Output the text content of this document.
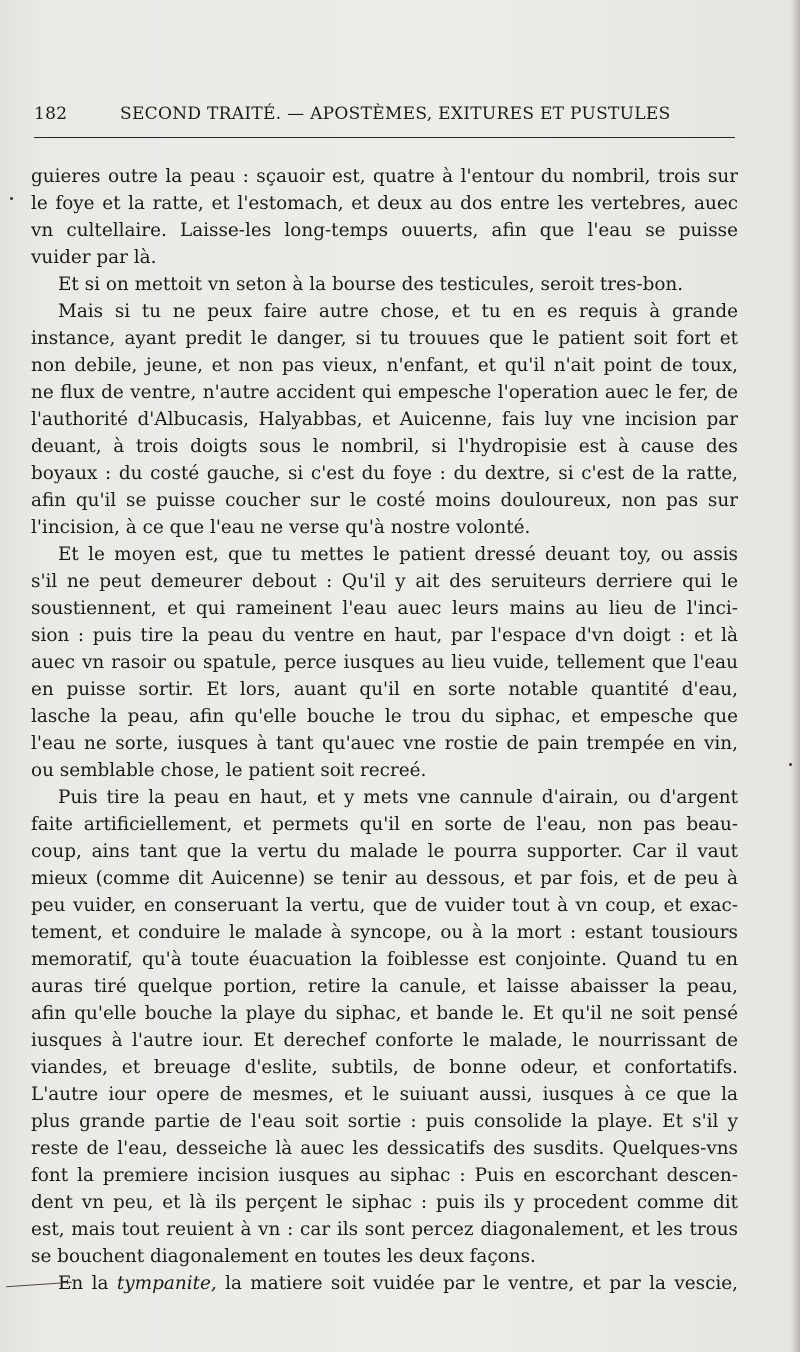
182	SECOND TRAITÉ. — APOSTÈMES, EXITURES ET PUSTULES
guieres outre la peau : sçauoir est, quatre à l'entour du nombril, trois sur
le foye et la ratte, et l'estomach, et deux au dos entre les vertebres, auec
vn cultellaire. Laisse-les long-temps ouuerts, afin que l'eau se puisse
vuider par là.
Et si on mettoit vn seton à la bourse des testicules, seroit tres-bon.
Mais si tu ne peux faire autre chose, et tu en es requis à grande
instance, ayant predit le danger, si tu trouues que le patient soit fort et
non debile, jeune, et non pas vieux, n'enfant, et qu'il n'ait point de toux,
ne flux de ventre, n'autre accident qui empesche l'operation auec le fer, de
l'authorité d'Albucasis, Halyabbas, et Auicenne, fais luy vne incision par
deuant, à trois doigts sous le nombril, si l'hydropisie est à cause des
boyaux : du costé gauche, si c'est du foye : du dextre, si c'est de la ratte,
afin qu'il se puisse coucher sur le costé moins douloureux, non pas sur
l'incision, à ce que l'eau ne verse qu'à nostre volonté.
Et le moyen est, que tu mettes le patient dressé deuant toy, ou assis
s'il ne peut demeurer debout : Qu'il y ait des seruiteurs derriere qui le
soustiennent, et qui rameinent l'eau auec leurs mains au lieu de l'inci-
sion : puis tire la peau du ventre en haut, par l'espace d'vn doigt : et là
auec vn rasoir ou spatule, perce iusques au lieu vuide, tellement que l'eau
en puisse sortir. Et lors, auant qu'il en sorte notable quantité d'eau,
lasche la peau, afin qu'elle bouche le trou du siphac, et empesche que
l'eau ne sorte, iusques à tant qu'auec vne rostie de pain trempée en vin,
ou semblable chose, le patient soit recreé.
Puis tire la peau en haut, et y mets vne cannule d'airain, ou d'argent
faite artificiellement, et permets qu'il en sorte de l'eau, non pas beau-
coup, ains tant que la vertu du malade le pourra supporter. Car il vaut
mieux (comme dit Auicenne) se tenir au dessous, et par fois, et de peu à
peu vuider, en conseruant la vertu, que de vuider tout à vn coup, et exac-
tement, et conduire le malade à syncope, ou à la mort : estant tousiours
memoratif, qu'à toute éuacuation la foiblesse est conjointe. Quand tu en
auras tiré quelque portion, retire la canule, et laisse abaisser la peau,
afin qu'elle bouche la playe du siphac, et bande le. Et qu'il ne soit pensé
iusques à l'autre iour. Et derechef conforte le malade, le nourrissant de
viandes, et breuage d'eslite, subtils, de bonne odeur, et confortatifs.
L'autre iour opere de mesmes, et le suiuant aussi, iusques à ce que la
plus grande partie de l'eau soit sortie : puis consolide la playe. Et s'il y
reste de l'eau, desseiche là auec les dessicatifs des susdits. Quelques-vns
font la premiere incision iusques au siphac : Puis en escorchant descen-
dent vn peu, et là ils perçent le siphac : puis ils y procedent comme dit
est, mais tout reuient à vn : car ils sont percez diagonalement, et les trous
se bouchent diagonalement en toutes les deux façons.
En la tympanite, la matiere soit vuidée par le ventre, et par la vescie,
